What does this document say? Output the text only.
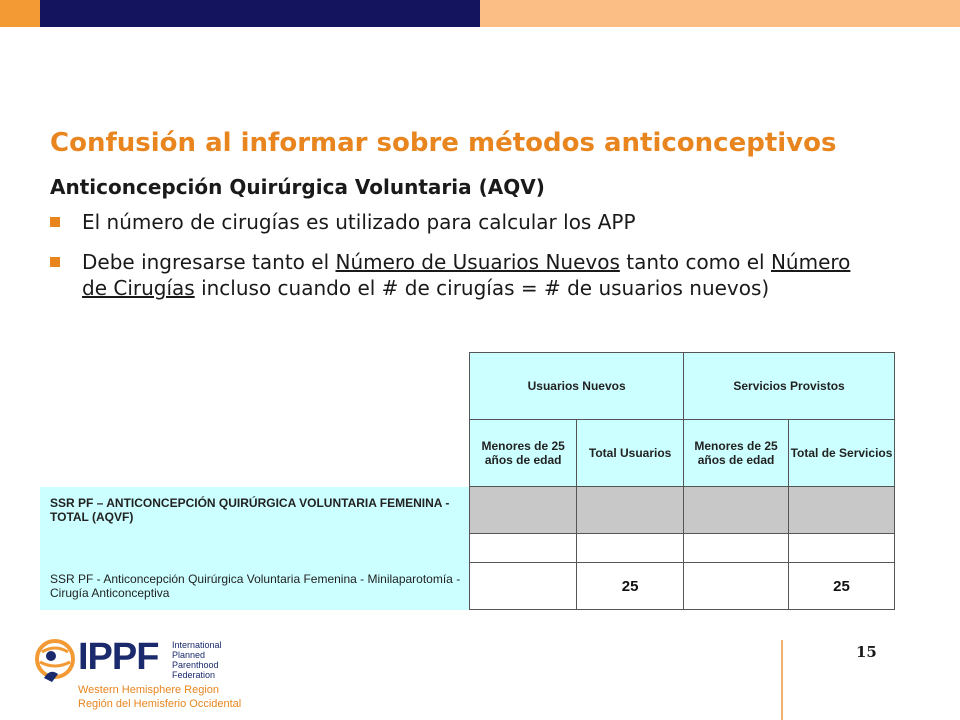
Confusión al informar sobre métodos anticonceptivos
Anticoncepción Quirúrgica Voluntaria (AQV)
El número de cirugías es utilizado para calcular los APP
Debe ingresarse tanto el Número de Usuarios Nuevos tanto como el Número de Cirugías incluso cuando el # de cirugías = # de usuarios nuevos)
	Usuarios Nuevos		Servicios Provistos	
	Menores de 25 años de edad	Total Usuarios	Menores de 25 años de edad	Total de Servicios
SSR PF – ANTICONCEPCIÓN QUIRÚRGICA VOLUNTARIA FEMENINA - TOTAL (AQVF)				

SSR PF - Anticoncepción Quirúrgica Voluntaria Femenina - Minilaparotomía - Cirugía Anticonceptiva		25		25
IPPF International
Planned Parenthood
Federation
Western Hemisphere Region
Región del Hemisferio Occidental
15
